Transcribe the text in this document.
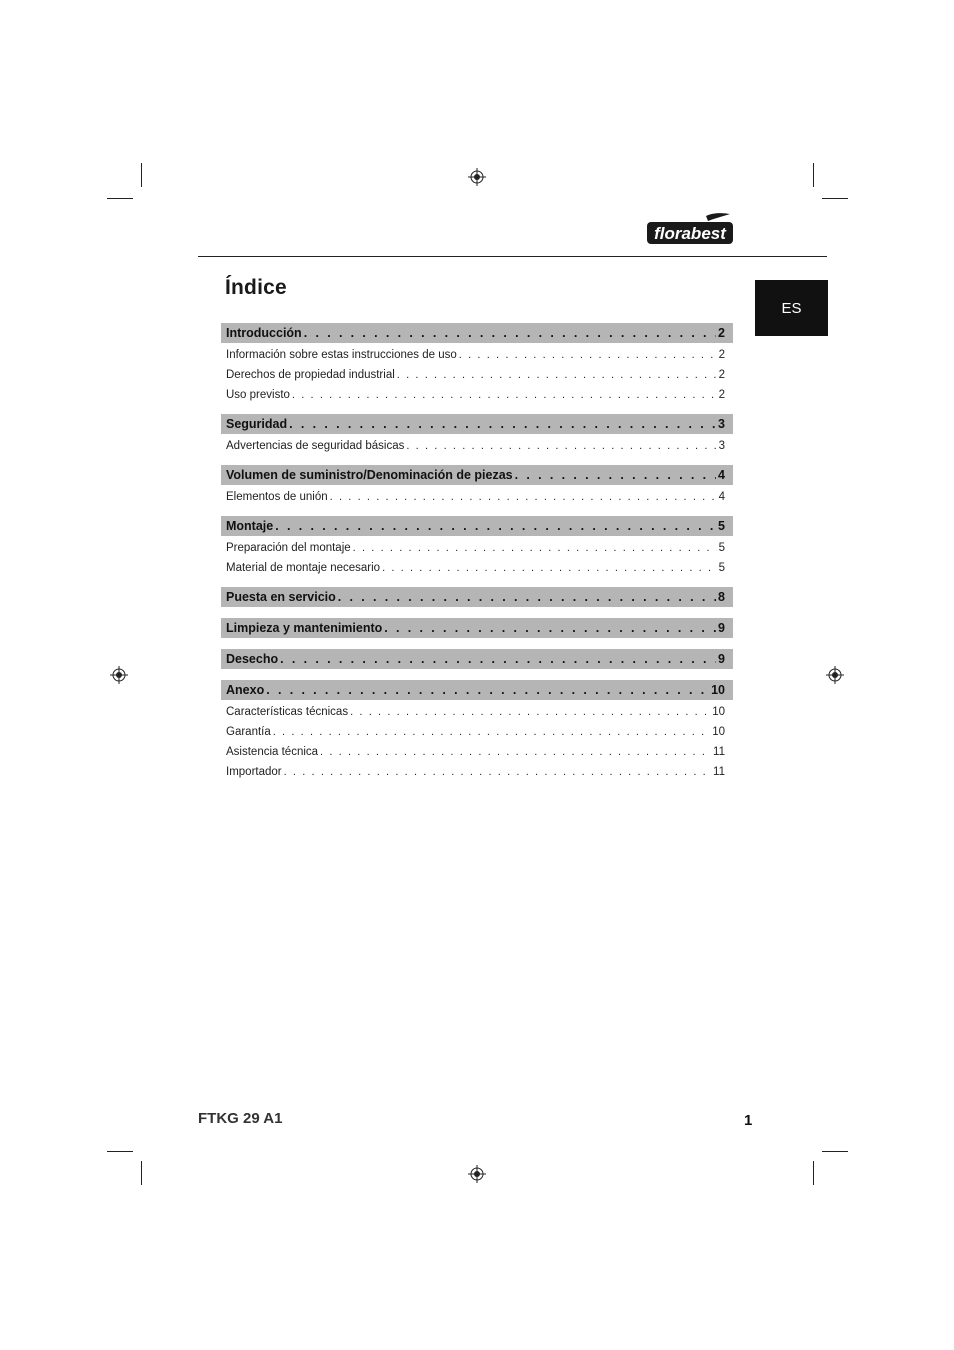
florabest
ES
Índice
Introducción . . .	2
Información sobre estas instrucciones de uso . . .	2
Derechos de propiedad industrial . . .	2
Uso previsto . . .	2
Seguridad . . .	3
Advertencias de seguridad básicas . . .	3
Volumen de suministro/Denominación de piezas . . .	4
Elementos de unión . . .	4
Montaje . . .	5
Preparación del montaje . . .	5
Material de montaje necesario . . .	5
Puesta en servicio . . .	8
Limpieza y mantenimiento . . .	9
Desecho . . .	9
Anexo . . .	10
Características técnicas . . .	10
Garantía . . .	10
Asistencia técnica . . .	11
Importador . . .	11
FTKG 29 A1	1
